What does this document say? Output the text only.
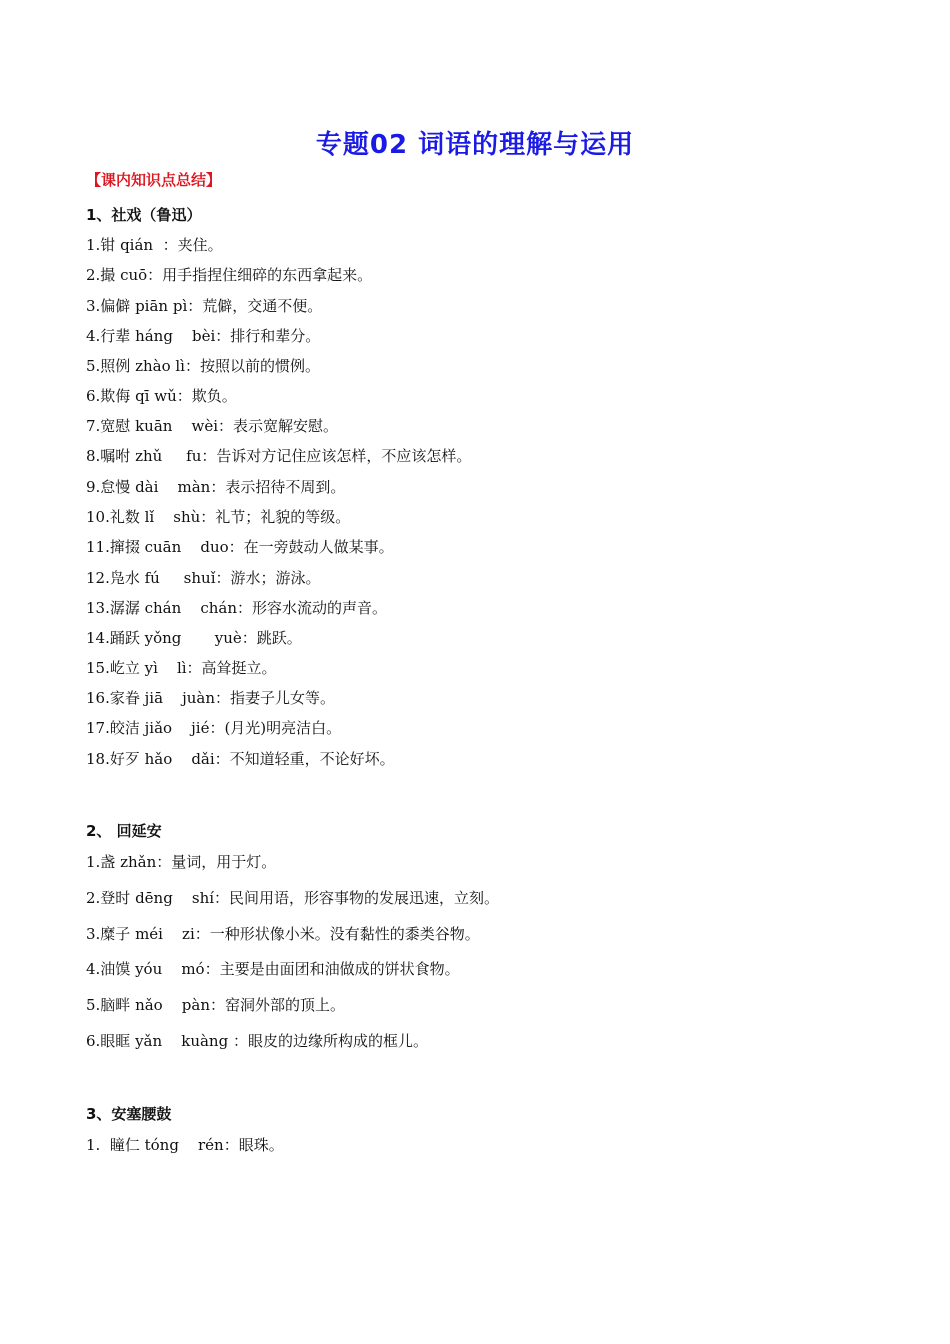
专题02 词语的理解与运用
【课内知识点总结】
1、社戏（鲁迅）
1.钳 qián  ：夹住。
2.撮 cuō：用手指捏住细碎的东西拿起来。
3.偏僻 piān pì：荒僻，交通不便。
4.行辈 háng    bèi：排行和辈分。
5.照例 zhào lì：按照以前的惯例。
6.欺侮 qī wǔ：欺负。
7.宽慰 kuān    wèi：表示宽解安慰。
8.嘱咐 zhǔ     fu：告诉对方记住应该怎样，不应该怎样。
9.怠慢 dài    màn：表示招待不周到。
10.礼数 lǐ    shù：礼节；礼貌的等级。
11.撺掇 cuān    duo：在一旁鼓动人做某事。
12.凫水 fú     shuǐ：游水；游泳。
13.潺潺 chán    chán：形容水流动的声音。
14.踊跃 yǒng       yuè：跳跃。
15.屹立 yì    lì：高耸挺立。
16.家眷 jiā    juàn：指妻子儿女等。
17.皎洁 jiǎo    jié：(月光)明亮洁白。
18.好歹 hǎo    dǎi：不知道轻重，不论好坏。
2、 回延安
1.盏 zhǎn：量词，用于灯。
2.登时 dēng    shí：民间用语，形容事物的发展迅速，立刻。
3.糜子 méi    zi：一种形状像小米。没有黏性的黍类谷物。
4.油馍 yóu    mó：主要是由面团和油做成的饼状食物。
5.脑畔 nǎo    pàn：窑洞外部的顶上。
6.眼眶 yǎn    kuàng ：眼皮的边缘所构成的框儿。
3、安塞腰鼓
1.  瞳仁 tóng    rén：眼珠。
